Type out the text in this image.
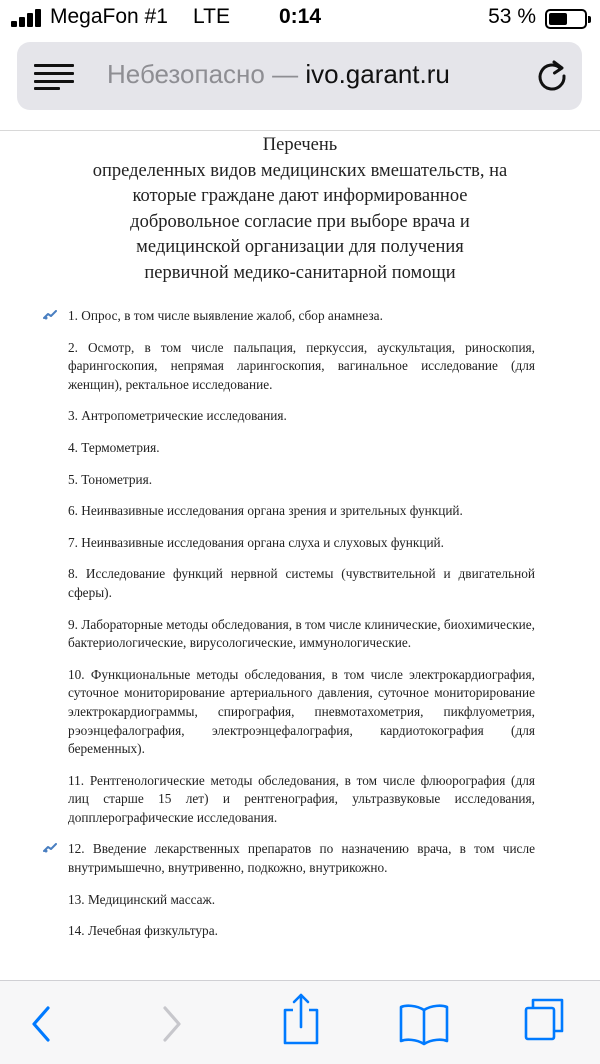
MegaFon #1 LTE	0:14	53 %
Небезопасно — ivo.garant.ru
Перечень
определенных видов медицинских вмешательств, на
которые граждане дают информированное
добровольное согласие при выборе врача и
медицинской организации для получения
первичной медико-санитарной помощи
1. Опрос, в том числе выявление жалоб, сбор анамнеза.
2. Осмотр, в том числе пальпация, перкуссия, аускультация, риноскопия, фарингоскопия, непрямая ларингоскопия, вагинальное исследование (для женщин), ректальное исследование.
3. Антропометрические исследования.
4. Термометрия.
5. Тонометрия.
6. Неинвазивные исследования органа зрения и зрительных функций.
7. Неинвазивные исследования органа слуха и слуховых функций.
8. Исследование функций нервной системы (чувствительной и двигательной сферы).
9. Лабораторные методы обследования, в том числе клинические, биохимические, бактериологические, вирусологические, иммунологические.
10. Функциональные методы обследования, в том числе электрокардиография, суточное мониторирование артериального давления, суточное мониторирование электрокардиограммы, спирография, пневмотахометрия, пикфлуометрия, рэоэнцефалография, электроэнцефалография, кардиотокография (для беременных).
11. Рентгенологические методы обследования, в том числе флюорография (для лиц старше 15 лет) и рентгенография, ультразвуковые исследования, допплерографические исследования.
12. Введение лекарственных препаратов по назначению врача, в том числе внутримышечно, внутривенно, подкожно, внутрикожно.
13. Медицинский массаж.
14. Лечебная физкультура.
